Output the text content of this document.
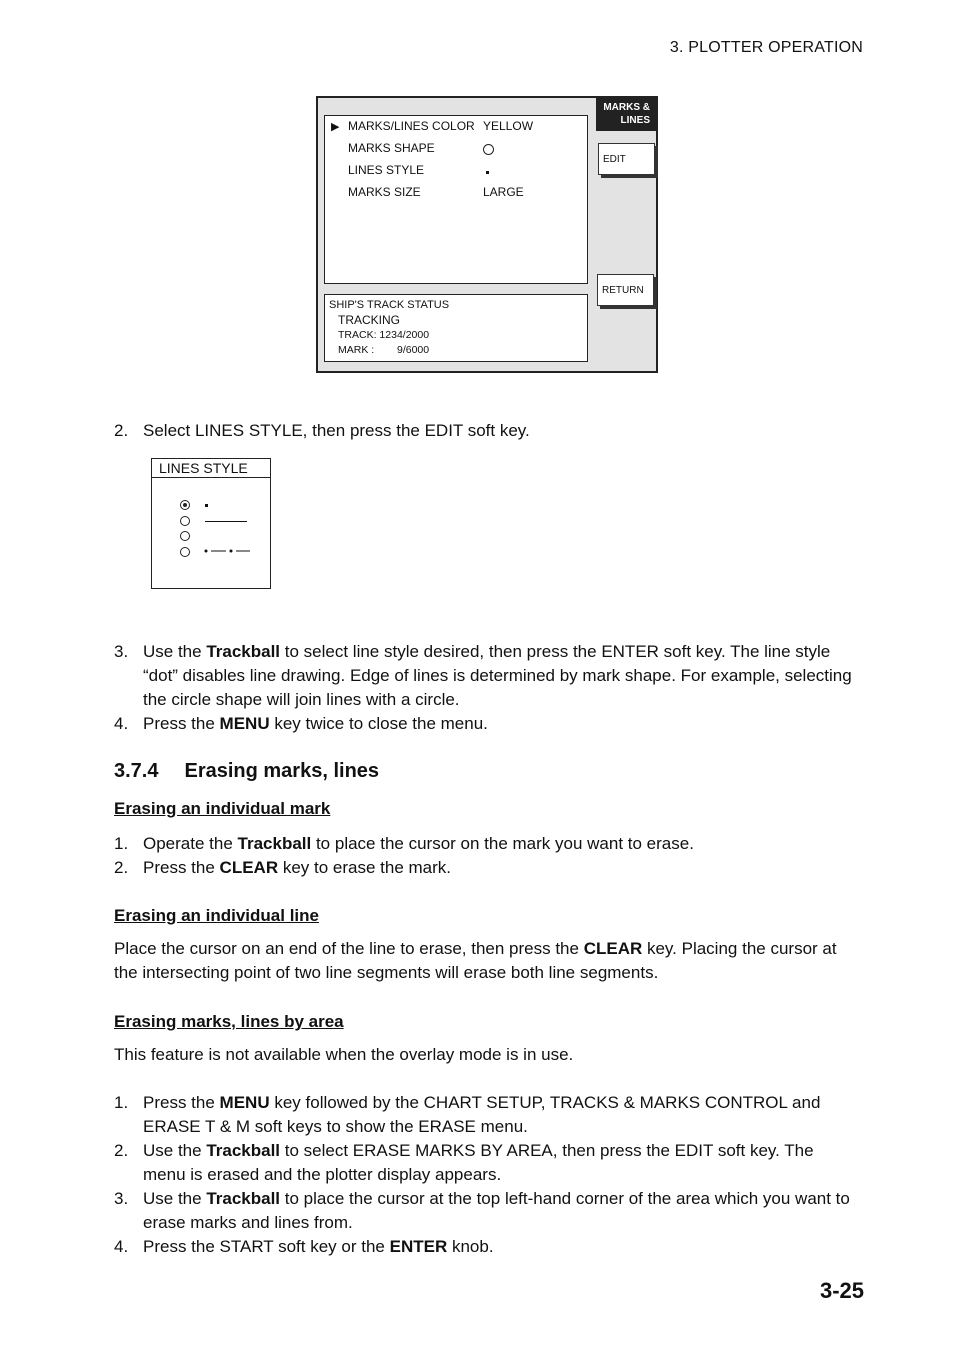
3. PLOTTER OPERATION
▶ MARKS/LINES COLOR YELLOW
MARKS SHAPE
LINES STYLE
MARKS SIZE	LARGE
SHIP'S TRACK STATUS
TRACKING
TRACK: 1234/2000
MARK : 9/6000
MARKS &
LINES
EDIT
RETURN
2. Select LINES STYLE, then press the EDIT soft key.
LINES STYLE
3. Use the Trackball to select line style desired, then press the ENTER soft key. The line style “dot” disables line drawing. Edge of lines is determined by mark shape. For example, selecting the circle shape will join lines with a circle.
4. Press the MENU key twice to close the menu.
3.7.4 Erasing marks, lines
Erasing an individual mark
1. Operate the Trackball to place the cursor on the mark you want to erase.
2. Press the CLEAR key to erase the mark.
Erasing an individual line
Place the cursor on an end of the line to erase, then press the CLEAR key. Placing the cursor at the intersecting point of two line segments will erase both line segments.
Erasing marks, lines by area
This feature is not available when the overlay mode is in use.
1. Press the MENU key followed by the CHART SETUP, TRACKS & MARKS CONTROL and ERASE T & M soft keys to show the ERASE menu.
2. Use the Trackball to select ERASE MARKS BY AREA, then press the EDIT soft key. The menu is erased and the plotter display appears.
3. Use the Trackball to place the cursor at the top left-hand corner of the area which you want to erase marks and lines from.
4. Press the START soft key or the ENTER knob.
3-25
